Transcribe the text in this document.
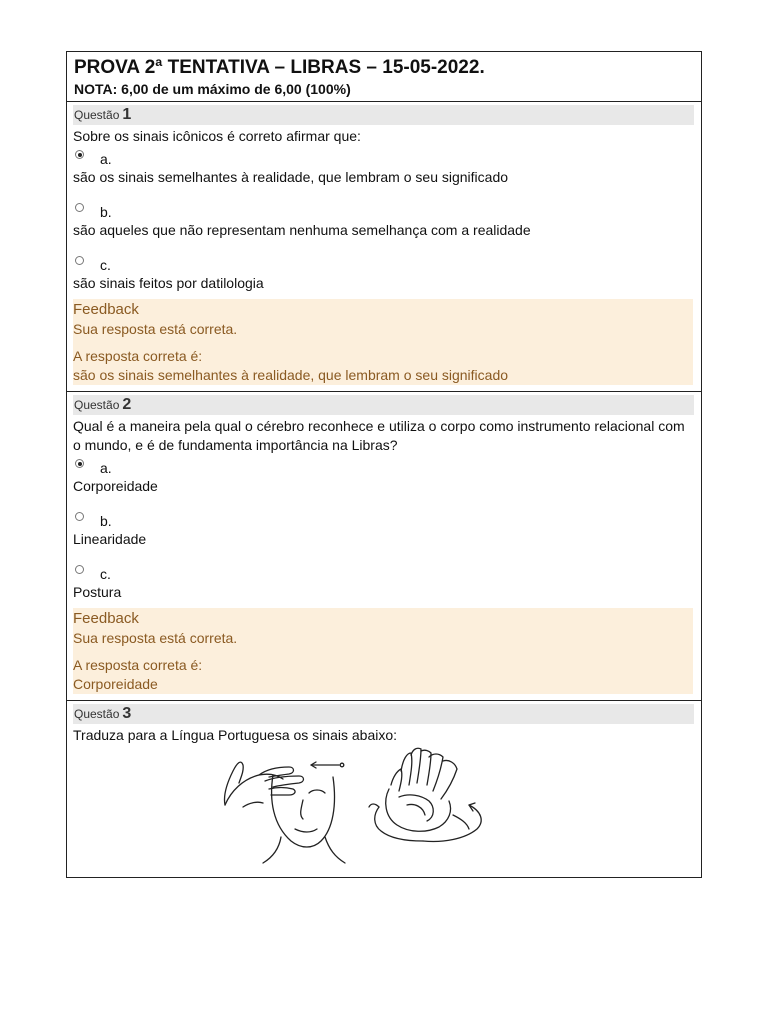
PROVA 2ª TENTATIVA – LIBRAS – 15-05-2022.
NOTA: 6,00 de um máximo de 6,00 (100%)
Questão 1
Sobre os sinais icônicos é correto afirmar que:
a.
são os sinais semelhantes à realidade, que lembram o seu significado
b.
são aqueles que não representam nenhuma semelhança com a realidade
c.
são sinais feitos por datilologia
Feedback
Sua resposta está correta.
A resposta correta é:
são os sinais semelhantes à realidade, que lembram o seu significado
Questão 2
Qual é a maneira pela qual o cérebro reconhece e utiliza o corpo como instrumento relacional com o mundo, e é de fundamenta importância na Libras?
a.
Corporeidade
b.
Linearidade
c.
Postura
Feedback
Sua resposta está correta.
A resposta correta é:
Corporeidade
Questão 3
Traduza para a Língua Portuguesa os sinais abaixo:
